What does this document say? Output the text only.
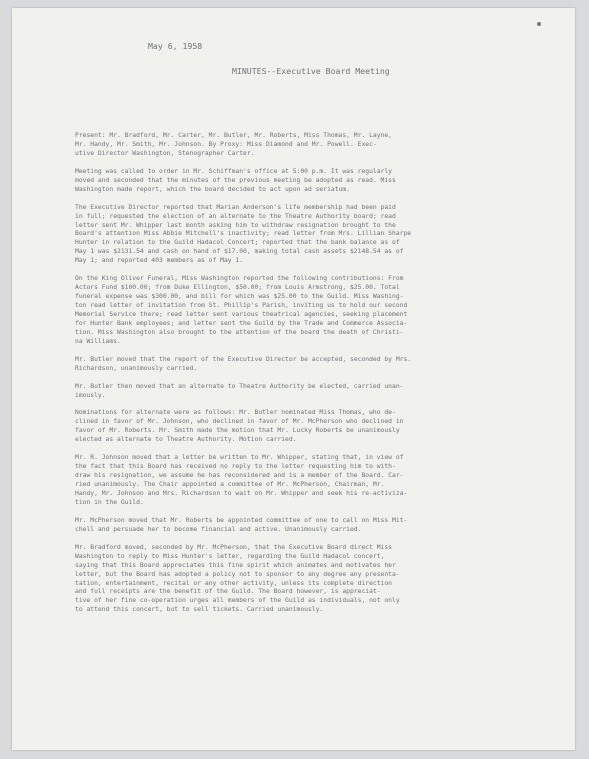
May 6, 1958
MINUTES--Executive Board Meeting
Present: Mr. Bradford, Mr. Carter, Mr. Butler, Mr. Roberts, Miss Thomas, Mr. Layne,
Mr. Handy, Mr. Smith, Mr. Johnson. By Proxy: Miss Diamond and Mr. Powell. Exec-
utive Director Washington, Stenographer Carter.
Meeting was called to order in Mr. Schiffman's office at 5:00 p.m. It was regularly
moved and seconded that the minutes of the previous meeting be adopted as read. Miss
Washington made report, which the board decided to act upon ad seriatum.
The Executive Director reported that Marian Anderson's life membership had been paid
in full; requested the election of an alternate to the Theatre Authority board; read
letter sent Mr. Whipper last month asking him to withdraw resignation brought to the
Board's attention Miss Abbie Mitchell's inactivity; read letter from Mrs. Lillian Sharpe
Hunter in relation to the Guild Hadacol Concert; reported that the bank balance as of
May 1 was $2131.54 and cash on hand of $17.00, making total cash assets $2148.54 as of
May 1; and reported 403 members as of May 1.
On the King Oliver Funeral, Miss Washington reported the following contributions: From
Actors Fund $100.00; from Duke Ellington, $50.00; from Louis Armstrong, $25.00. Total
funeral expense was $300.00, and bill for which was $25.00 to the Guild. Miss Washing-
ton read letter of invitation from St. Phillip's Parish, inviting us to hold our second
Memorial Service there; read letter sent various theatrical agencies, seeking placement
for Hunter Bank employees; and letter sent the Guild by the Trade and Commerce Associa-
tion. Miss Washington also brought to the attention of the board the death of Christi-
na Williams.
Mr. Butler moved that the report of the Executive Director be accepted, seconded by Mrs.
Richardson, unanimously carried.
Mr. Butler then moved that an alternate to Theatre Authority be elected, carried unan-
imously.
Nominations for alternate were as follows: Mr. Butler nominated Miss Thomas, who de-
clined in favor of Mr. Johnson, who declined in favor of Mr. McPherson who declined in
favor of Mr. Roberts. Mr. Smith made the motion that Mr. Lucky Roberts be unanimously
elected as alternate to Theatre Authority. Motion carried.
Mr. R. Johnson moved that a letter be written to Mr. Whipper, stating that, in view of
the fact that this Board has received no reply to the letter requesting him to with-
draw his resignation, we assume he has reconsidered and is a member of the Board. Car-
ried unanimously. The Chair appointed a committee of Mr. McPherson, Chairman, Mr.
Handy, Mr. Johnson and Mrs. Richardson to wait on Mr. Whipper and seek his re-activiza-
tion in the Guild.
Mr. McPherson moved that Mr. Roberts be appointed committee of one to call on Miss Mit-
chell and persuade her to become financial and active. Unanimously carried.
Mr. Bradford moved, seconded by Mr. McPherson, that the Executive Board direct Miss
Washington to reply to Miss Hunter's letter, regarding the Guild Hadacol concert,
saying that this Board appreciates this fine spirit which animates and motivates her
letter, but the Board has adopted a policy not to sponsor to any degree any presenta-
tation, entertainment, recital or any other activity, unless its complete direction
and full receipts are the benefit of the Guild. The Board however, is appreciat-
tive of her fine co-operation urges all members of the Guild as individuals, not only
to attend this concert, but to sell tickets. Carried unanimously.
